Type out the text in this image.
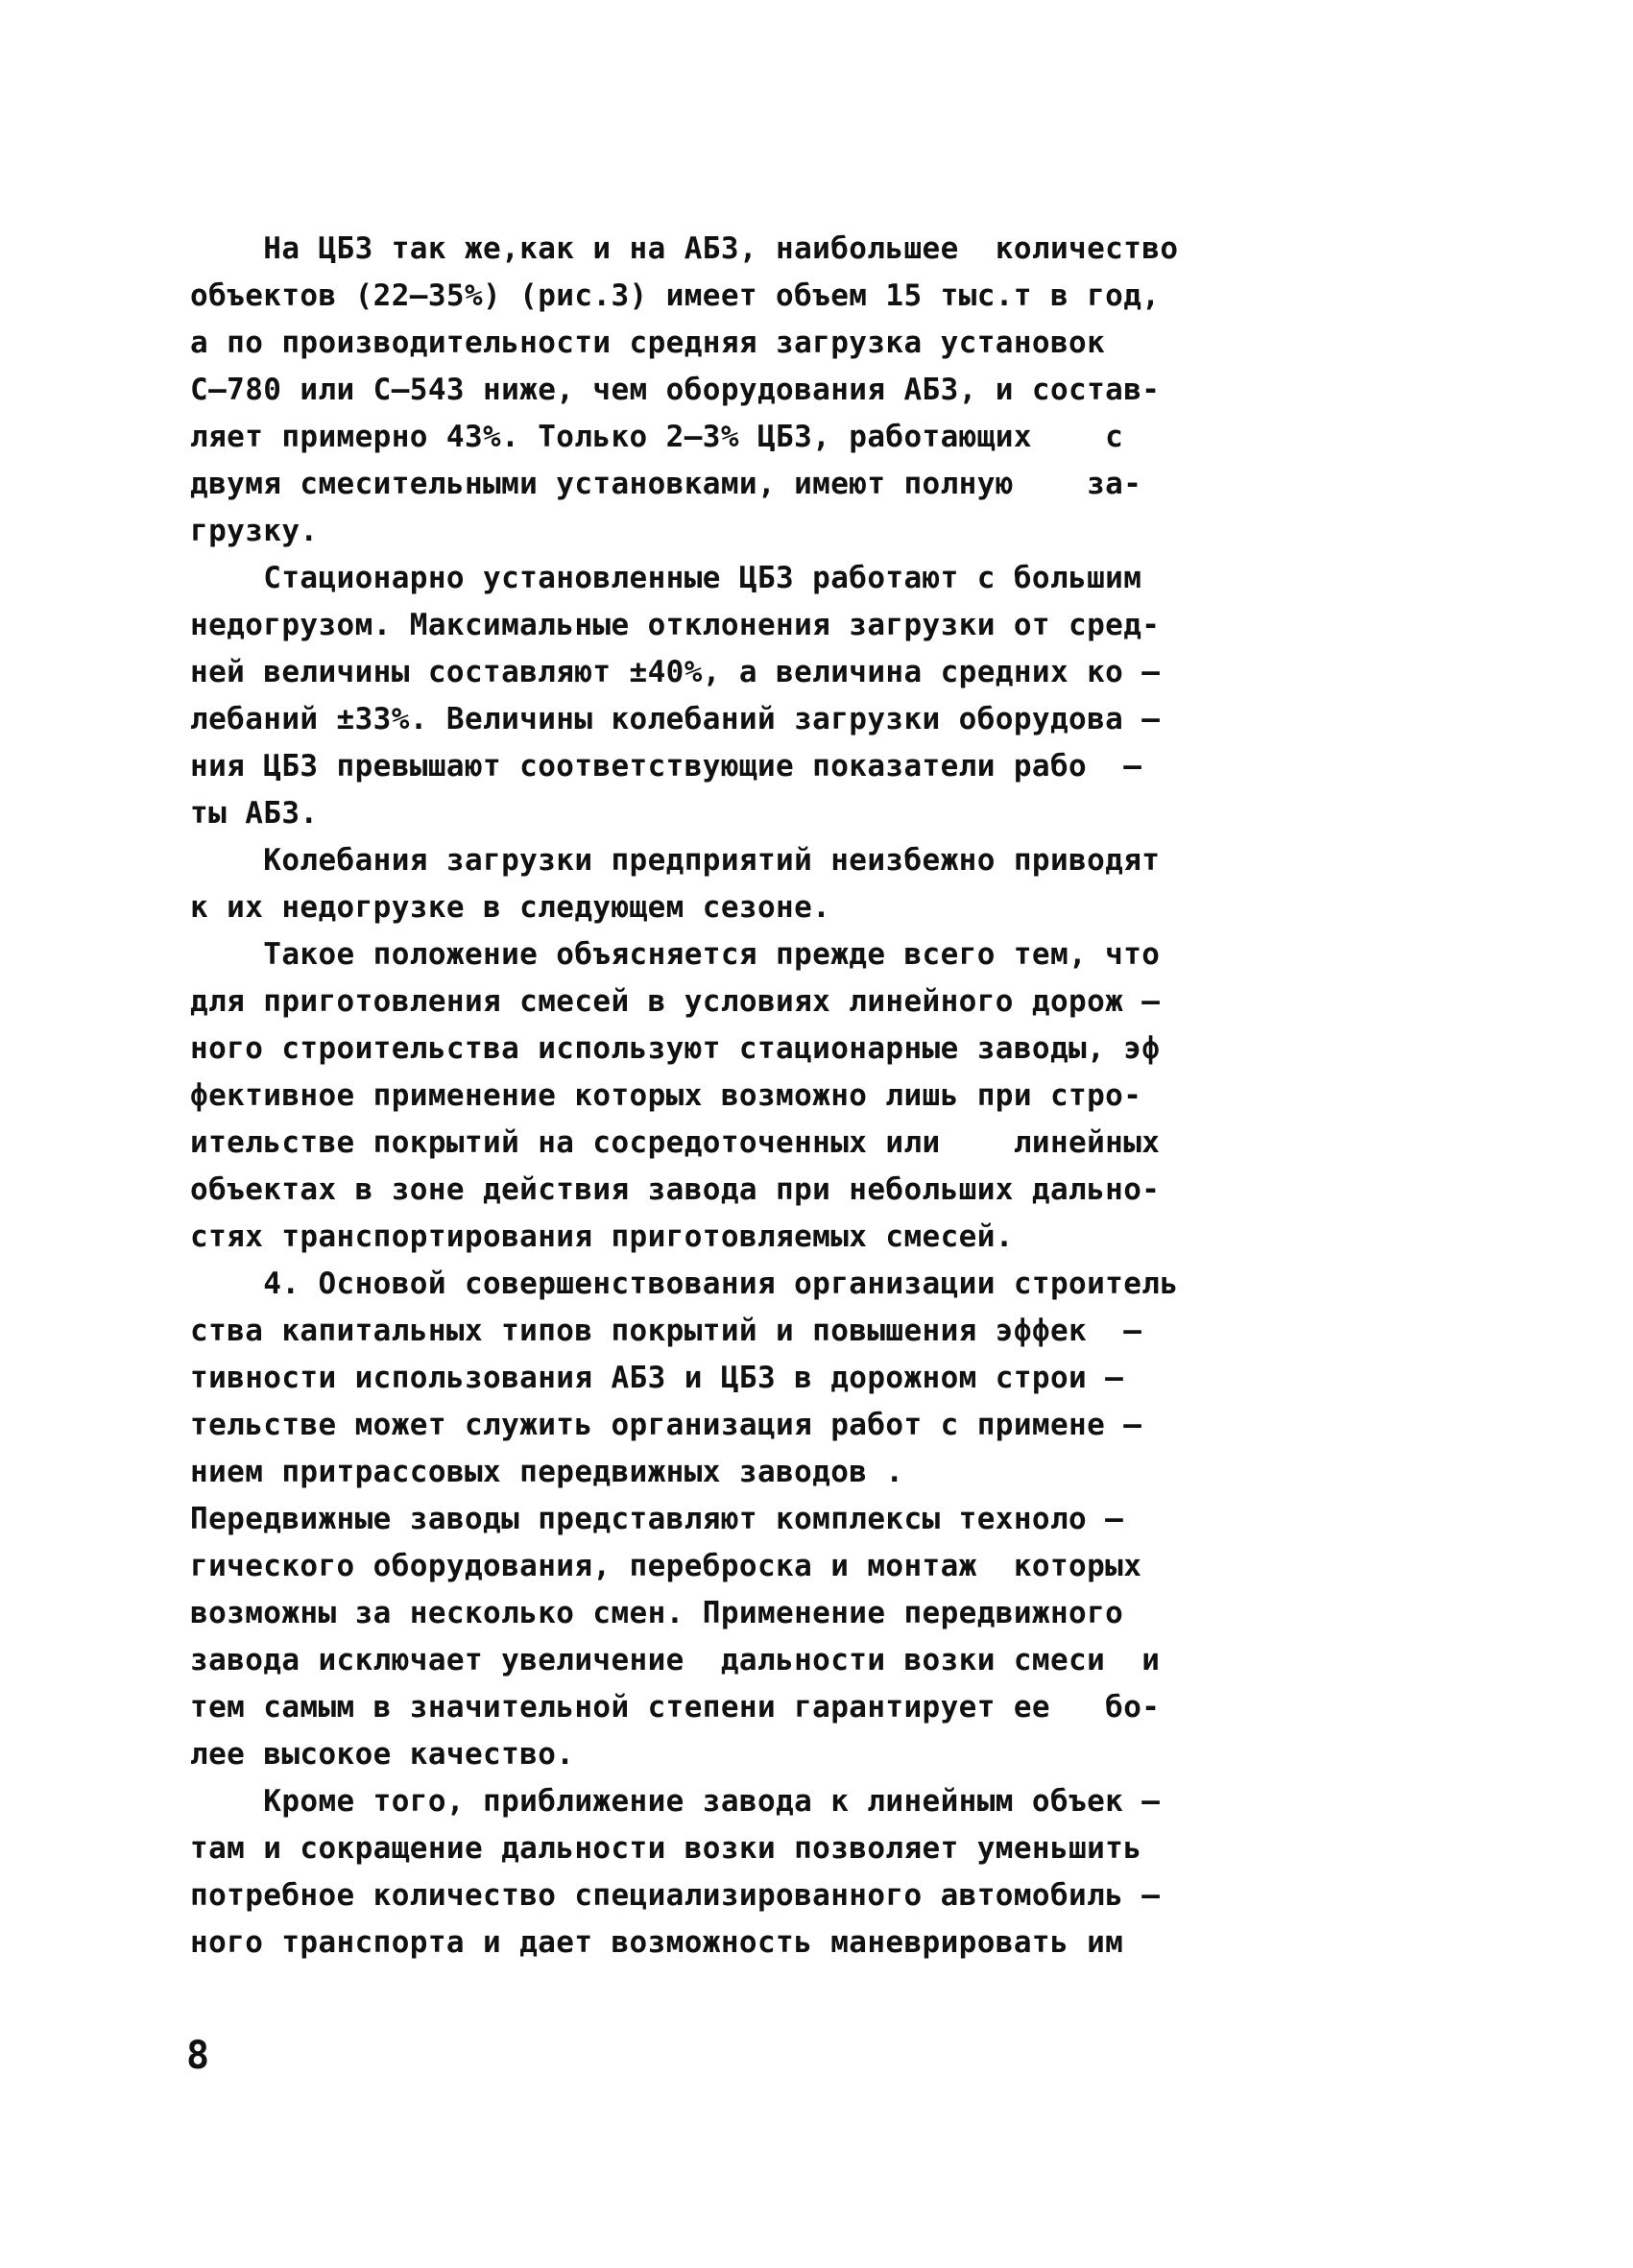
На ЦБЗ так же,как и на АБЗ, наибольшее  количество
объектов (22–35%) (рис.3) имеет объем 15 тыс.т в год,
а по производительности средняя загрузка установок
С–780 или С–543 ниже, чем оборудования АБЗ, и состав-
ляет примерно 43%. Только 2–3% ЦБЗ, работающих    с
двумя смесительными установками, имеют полную    за-
грузку.
Стационарно установленные ЦБЗ работают с большим
недогрузом. Максимальные отклонения загрузки от сред-
ней величины составляют ±40%, а величина средних ко –
лебаний ±33%. Величины колебаний загрузки оборудова –
ния ЦБЗ превышают соответствующие показатели рабо  –
ты АБЗ.
Колебания загрузки предприятий неизбежно приводят
к их недогрузке в следующем сезоне.
Такое положение объясняется прежде всего тем, что
для приготовления смесей в условиях линейного дорож –
ного строительства используют стационарные заводы, эф
фективное применение которых возможно лишь при стро-
ительстве покрытий на сосредоточенных или    линейных
объектах в зоне действия завода при небольших дально-
стях транспортирования приготовляемых смесей.
4. Основой совершенствования организации строитель
ства капитальных типов покрытий и повышения эффек  –
тивности использования АБЗ и ЦБЗ в дорожном строи –
тельстве может служить организация работ с примене –
нием притрассовых передвижных заводов .
Передвижные заводы представляют комплексы техноло –
гического оборудования, переброска и монтаж  которых
возможны за несколько смен. Применение передвижного
завода исключает увеличение  дальности возки смеси  и
тем самым в значительной степени гарантирует ее   бо-
лее высокое качество.
Кроме того, приближение завода к линейным объек –
там и сокращение дальности возки позволяет уменьшить
потребное количество специализированного автомобиль –
ного транспорта и дает возможность маневрировать им
8
